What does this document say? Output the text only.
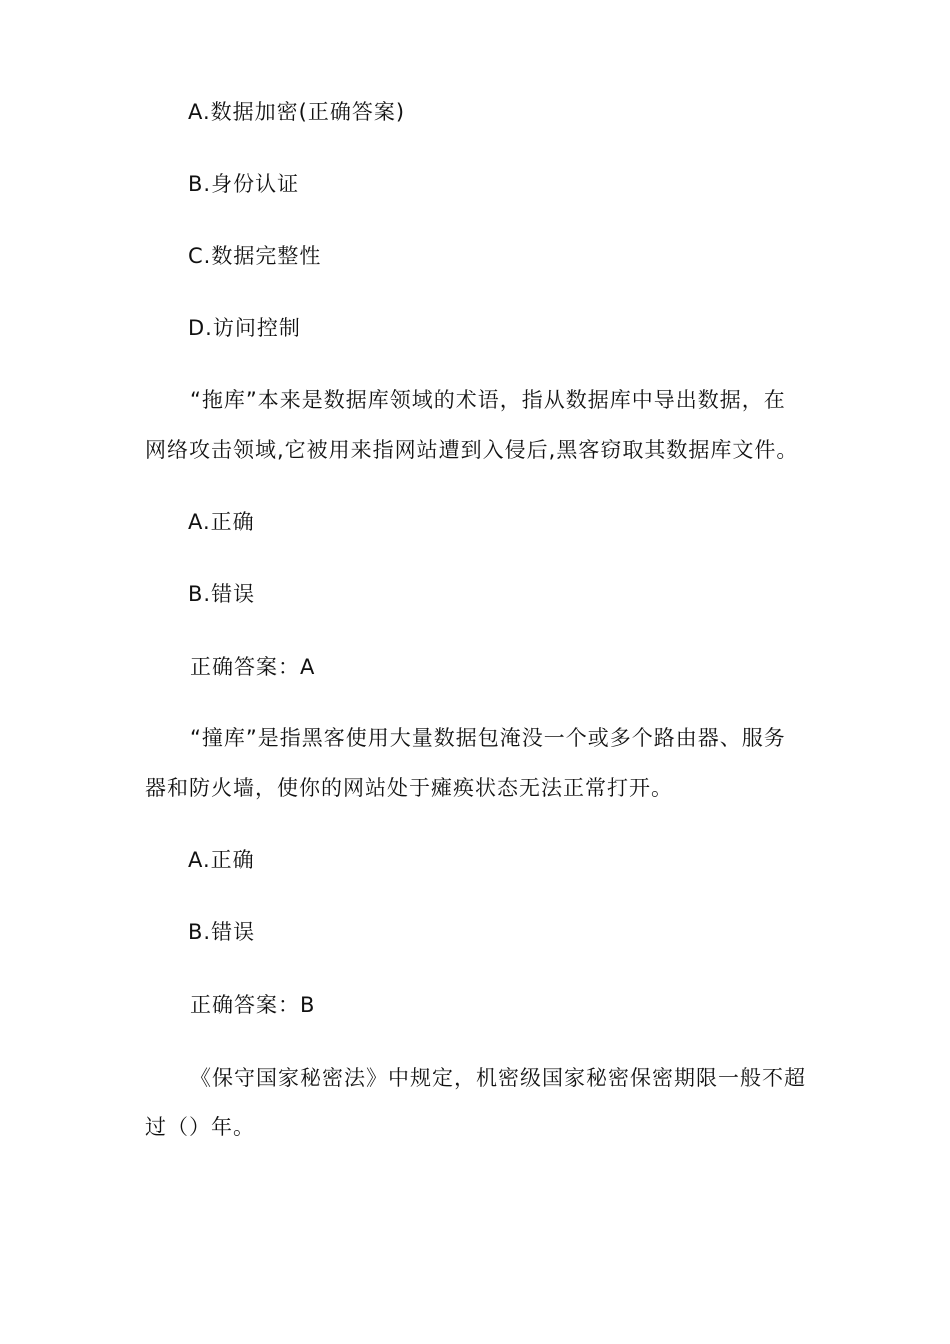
A.数据加密(正确答案)
B.身份认证
C.数据完整性
D.访问控制
“拖库”本来是数据库领域的术语，指从数据库中导出数据，在
网络攻击领域,它被用来指网站遭到入侵后,黑客窃取其数据库文件。
A.正确
B.错误
正确答案：A
“撞库”是指黑客使用大量数据包淹没一个或多个路由器、服务
器和防火墙，使你的网站处于瘫痪状态无法正常打开。
A.正确
B.错误
正确答案：B
《保守国家秘密法》中规定，机密级国家秘密保密期限一般不超
过（）年。
